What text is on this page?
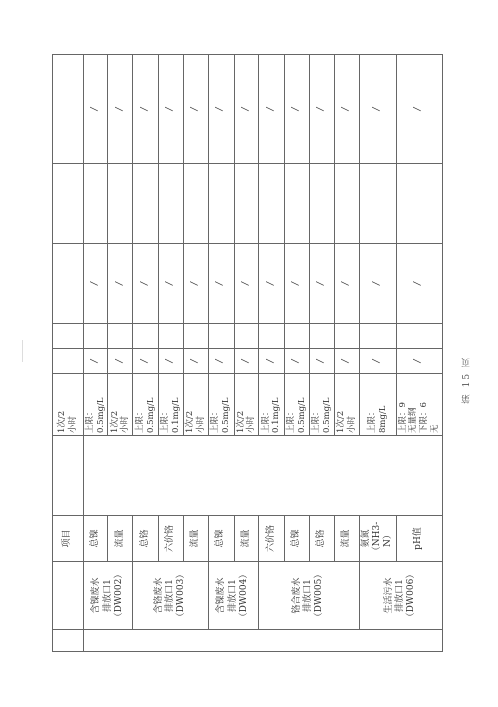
		项目		1次/2
小时					
	含镍废水
排放口1
（DW002）	总镍		上限：
0.5mg/L	/		/		/
		流量		1次/2
小时	/		/		/
	含铬废水
排放口1
（DW003）	总铬		上限：
0.5mg/L	/		/		/
		六价铬		上限：
0.1mg/L	/		/		/
		流量		1次/2
小时	/		/		/
	含镍废水
排放口1
（DW004）	总镍		上限：
0.5mg/L	/		/		/
		流量		1次/2
小时	/		/		/
	铬合废水
排放口1
（DW005）	六价铬		上限：
0.1mg/L	/		/		/
		总镍		上限：
0.5mg/L	/		/		/
		总铬		上限：
0.5mg/L	/		/		/
		流量		1次/2
小时	/		/		/
	生活污水
排放口1
（DW006）	氨氮
（NH3-N）		上限：
8mg/L	/		/		/
		pH值		上限：9
无量纲
下限：6
无	/		/		/
第 15 页
